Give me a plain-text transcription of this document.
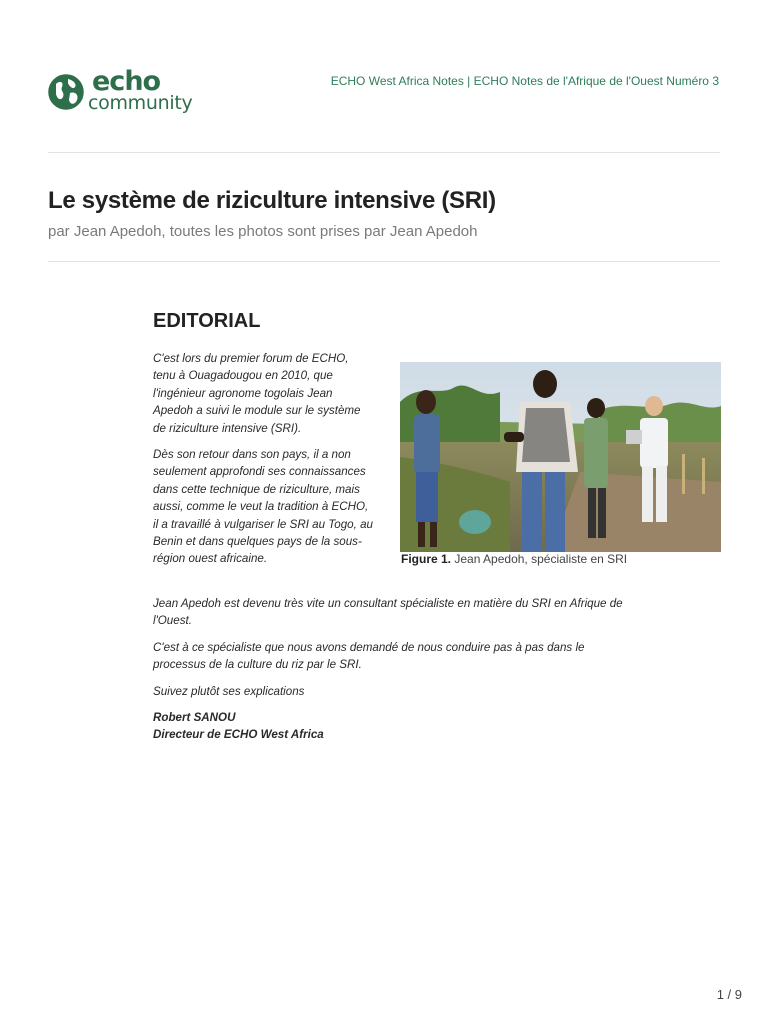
echo
community
ECHO West Africa Notes | ECHO Notes de l'Afrique de l'Ouest Numéro 3
Le système de riziculture intensive (SRI)
par Jean Apedoh, toutes les photos sont prises par Jean Apedoh
EDITORIAL

C'est lors du premier forum de ECHO, tenu à Ouagadougou en 2010, que l'ingénieur agronome togolais Jean Apedoh a suivi le module sur le système de riziculture intensive (SRI).

Dès son retour dans son pays, il a non seulement approfondi ses connaissances dans cette technique de riziculture, mais aussi, comme le veut la tradition à ECHO, il a travaillé à vulgariser le SRI au Togo, au Benin et dans quelques pays de la sous-région ouest africaine.	Figure 1. Jean Apedoh, spécialiste en SRI

Jean Apedoh est devenu très vite un consultant spécialiste en matière du SRI en Afrique de l'Ouest.

C'est à ce spécialiste que nous avons demandé de nous conduire pas à pas dans le processus de la culture du riz par le SRI.

Suivez plutôt ses explications

Robert SANOU
Directeur de ECHO West Africa

1 / 9
